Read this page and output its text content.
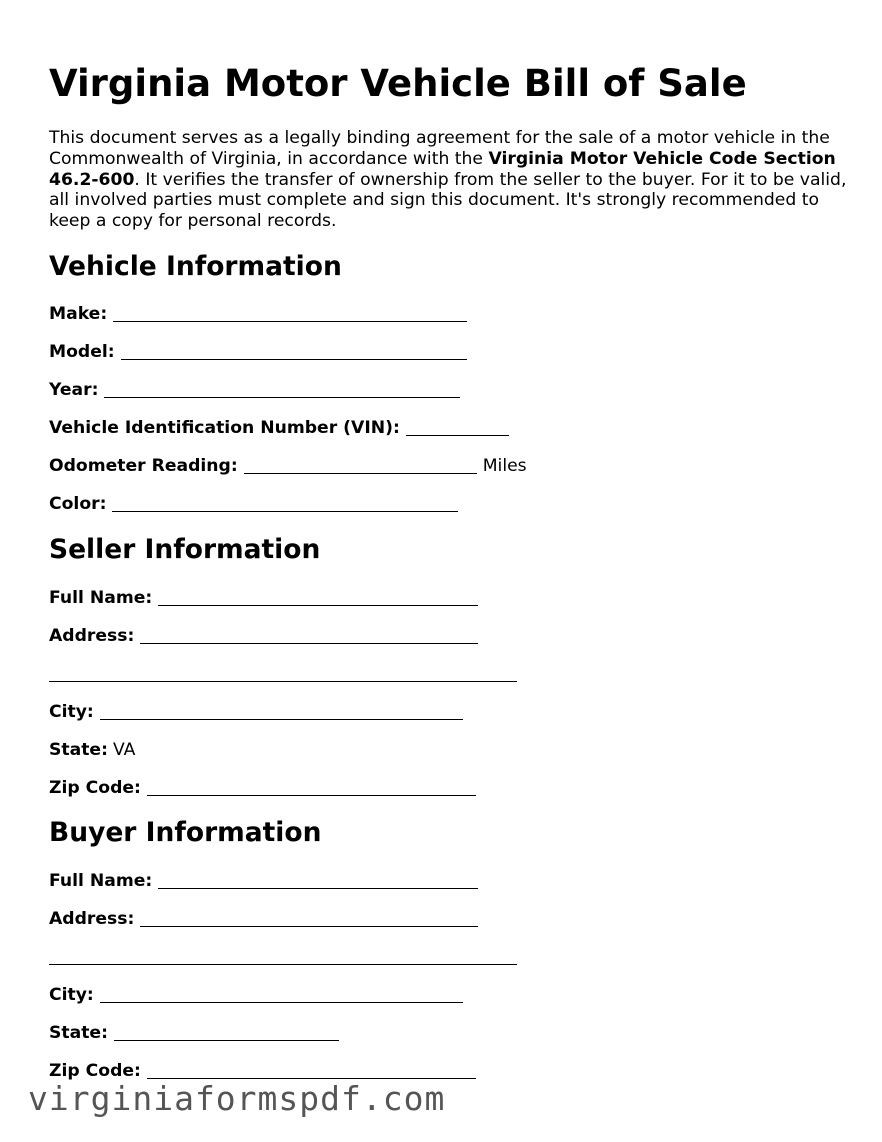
Virginia Motor Vehicle Bill of Sale

This document serves as a legally binding agreement for the sale of a motor vehicle in the Commonwealth of Virginia, in accordance with the Virginia Motor Vehicle Code Section 46.2-600. It verifies the transfer of ownership from the seller to the buyer. For it to be valid, all involved parties must complete and sign this document. It's strongly recommended to keep a copy for personal records.

Vehicle Information
Make:
Model:
Year:
Vehicle Identification Number (VIN):
Odometer Reading:	Miles
Color:
Seller Information
Full Name:
Address:
City:
State: VA
Zip Code:
Buyer Information
Full Name:
Address:
City:
State:
Zip Code:
virginiaformspdf.com
